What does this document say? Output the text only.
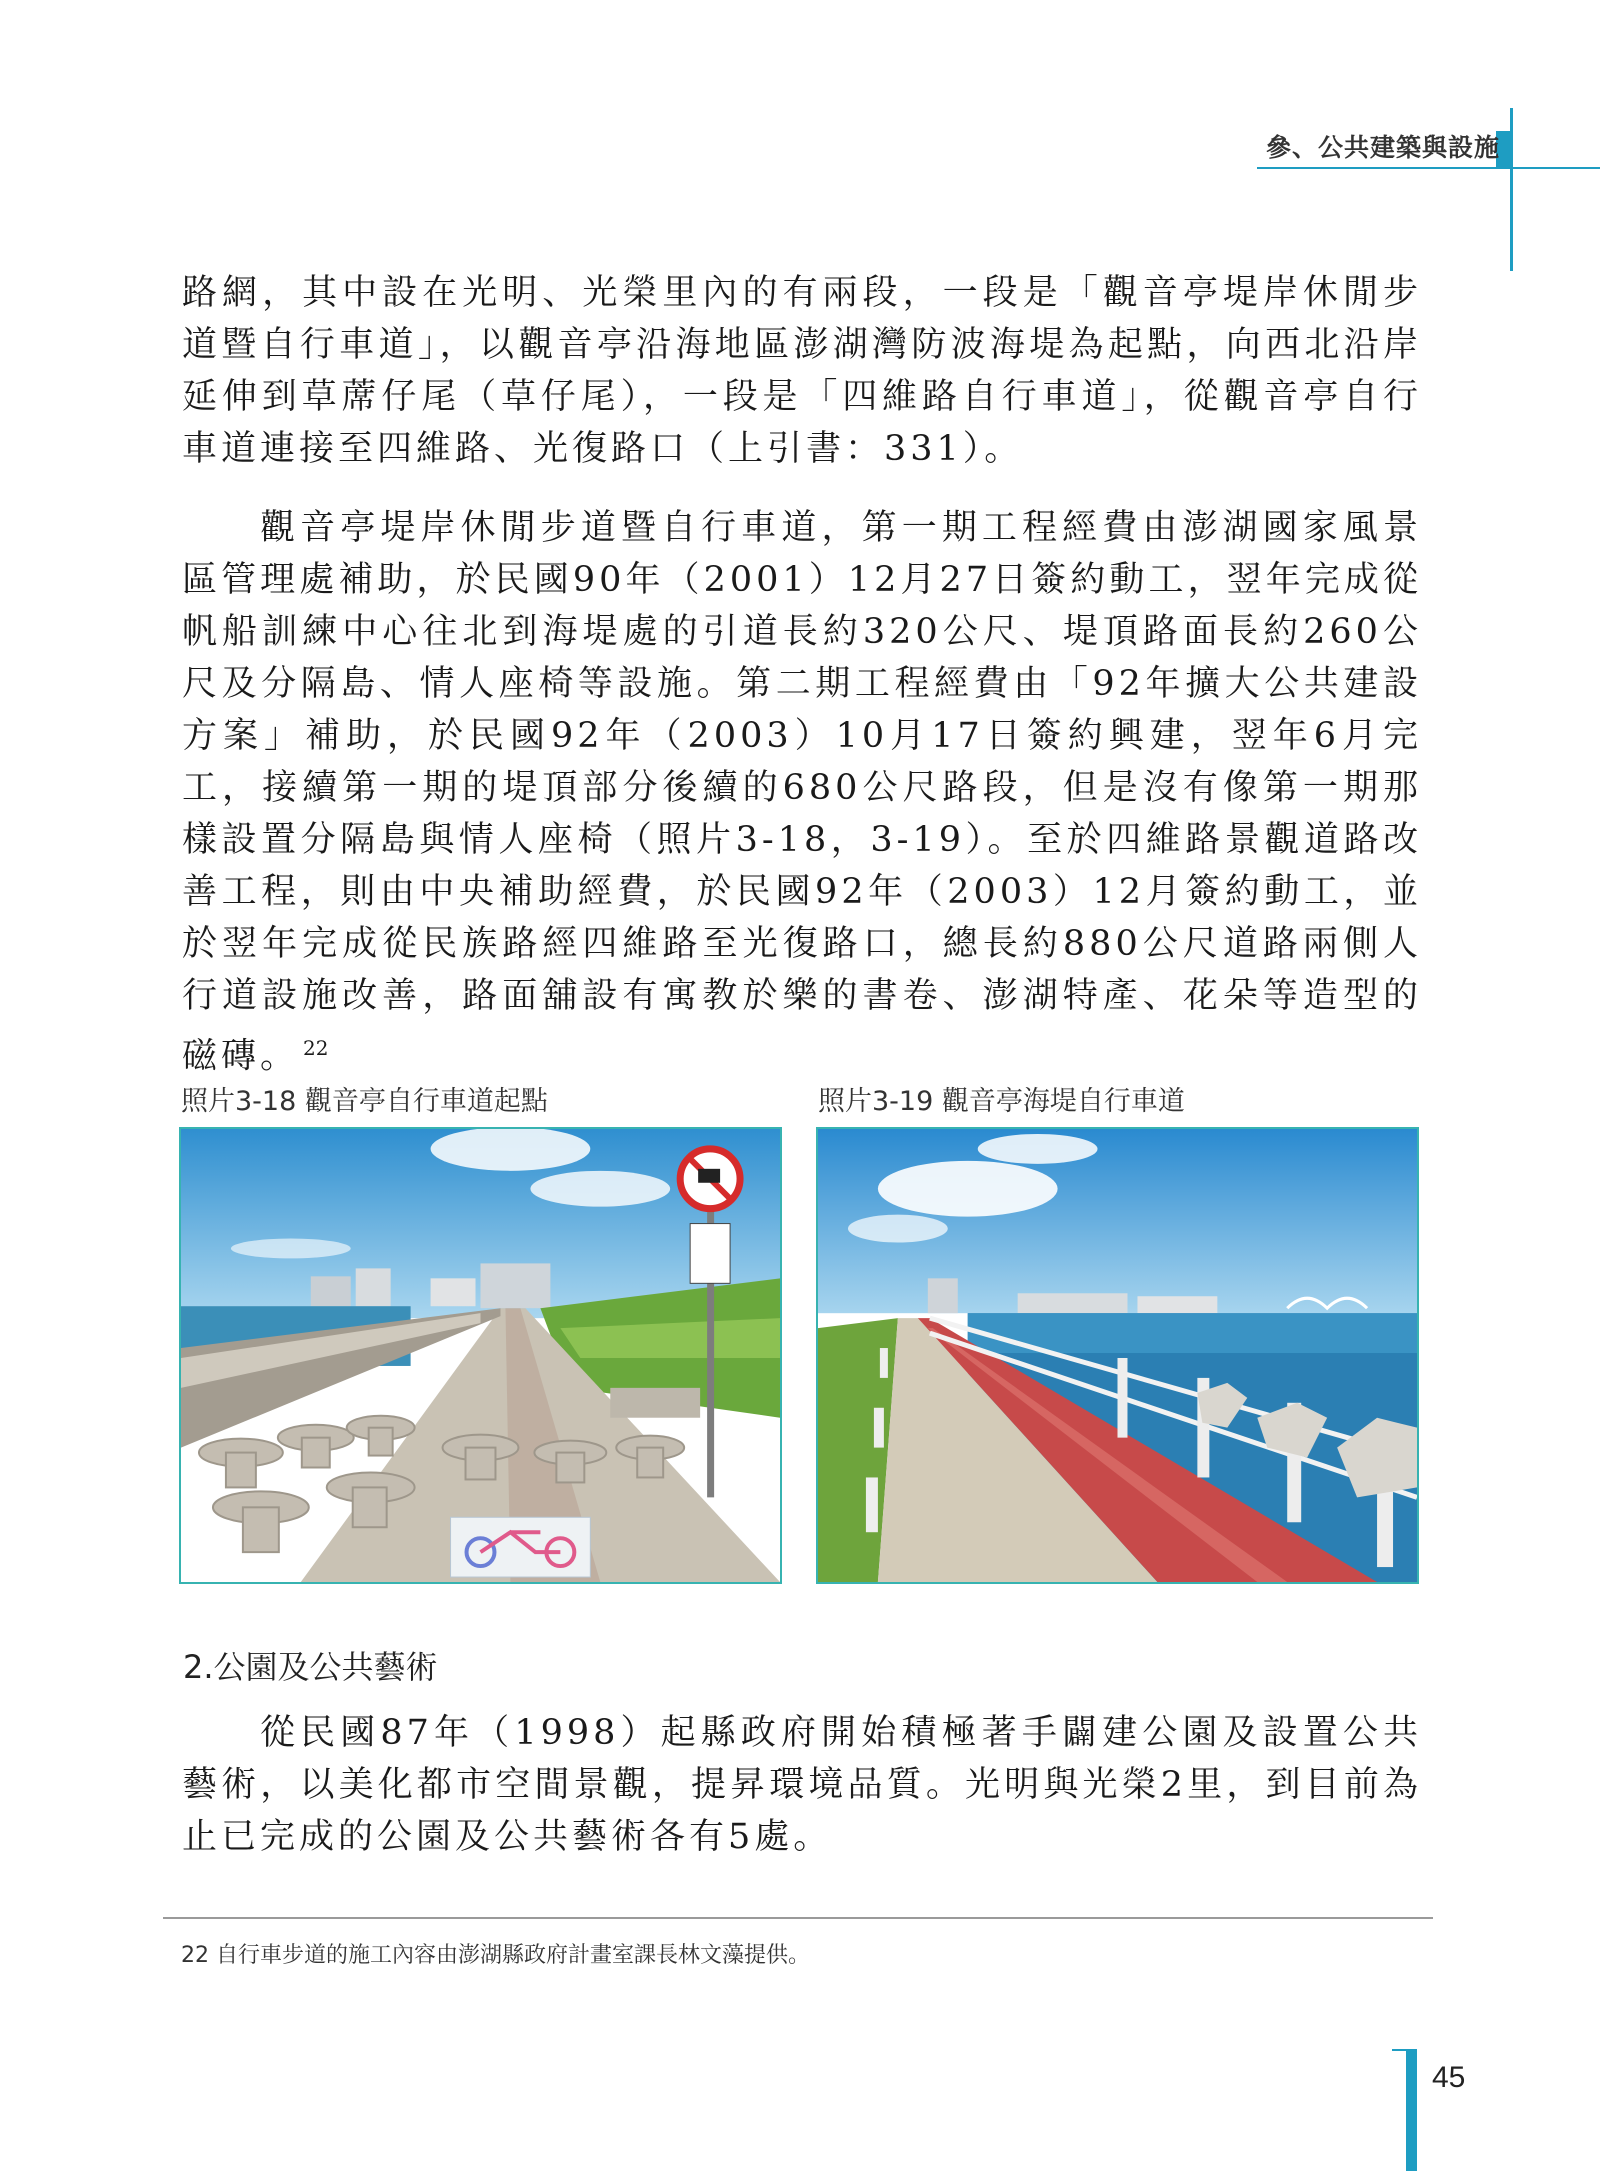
參、公共建築與設施

路網，其中設在光明、光榮里內的有兩段，一段是「觀音亭堤岸休閒步道暨自行車道」，以觀音亭沿海地區澎湖灣防波海堤為起點，向西北沿岸延伸到草蓆仔尾（草仔尾），一段是「四維路自行車道」，從觀音亭自行車道連接至四維路、光復路口（上引書：331）。

觀音亭堤岸休閒步道暨自行車道，第一期工程經費由澎湖國家風景區管理處補助，於民國90年（2001）12月27日簽約動工，翌年完成從帆船訓練中心往北到海堤處的引道長約320公尺、堤頂路面長約260公尺及分隔島、情人座椅等設施。第二期工程經費由「92年擴大公共建設方案」補助，於民國92年（2003）10月17日簽約興建，翌年6月完工，接續第一期的堤頂部分後續的680公尺路段，但是沒有像第一期那樣設置分隔島與情人座椅（照片3-18，3-19）。至於四維路景觀道路改善工程，則由中央補助經費，於民國92年（2003）12月簽約動工，並於翌年完成從民族路經四維路至光復路口，總長約880公尺道路兩側人行道設施改善，路面舖設有寓教於樂的書卷、澎湖特產、花朵等造型的磁磚。 $^{22}$

照片3-18 觀音亭自行車道起點	照片3-19 觀音亭海堤自行車道
2.公園及公共藝術

從民國87年（1998）起縣政府開始積極著手闢建公園及設置公共藝術，以美化都市空間景觀，提昇環境品質。光明與光榮2里，到目前為止已完成的公園及公共藝術各有5處。

22 自行車步道的施工內容由澎湖縣政府計畫室課長林文藻提供。
45
